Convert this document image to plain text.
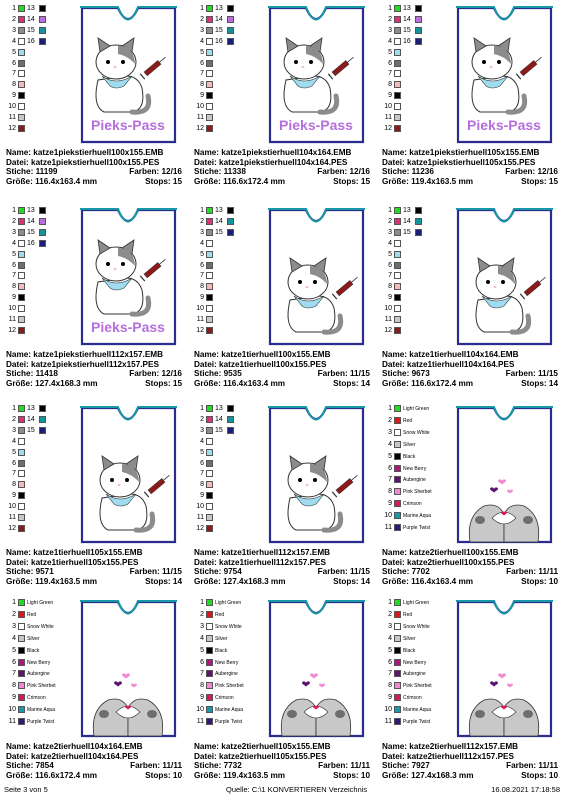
1 13
2 14
3 15
4 16
5
6
7
8
9
10
11
12	Pieks-Pass
Name: katze1piekstierhuell100x155.EMB
Datei: katze1piekstierhuell100x155.PES
Stiche: 11199	Farben: 12/16
Größe: 116.4x163.4 mm	Stops: 15
1 13
2 14
3 15
4 16
5
6
7
8
9
10
11
12	Pieks-Pass
Name: katze1piekstierhuell104x164.EMB
Datei: katze1piekstierhuell104x164.PES
Stiche: 11338	Farben: 12/16
Größe: 116.6x172.4 mm	Stops: 15
1 13
2 14
3 15
4 16
5
6
7
8
9
10
11
12	Pieks-Pass
Name: katze1piekstierhuell105x155.EMB
Datei: katze1piekstierhuell105x155.PES
Stiche: 11236	Farben: 12/16
Größe: 119.4x163.5 mm	Stops: 15
1 13
2 14
3 15
4 16
5
6
7
8
9
10
11
12	Pieks-Pass
Name: katze1piekstierhuell112x157.EMB
Datei: katze1piekstierhuell112x157.PES
Stiche: 11418	Farben: 12/16
Größe: 127.4x168.3 mm	Stops: 15
1 13
2 14
3 15
4
5
6
7
8
9
10
11
12
Name: katze1tierhuell100x155.EMB
Datei: katze1tierhuell100x155.PES
Stiche: 9535	Farben: 11/15
Größe: 116.4x163.4 mm	Stops: 14
1 13
2 14
3 15
4
5
6
7
8
9
10
11
12
Name: katze1tierhuell104x164.EMB
Datei: katze1tierhuell104x164.PES
Stiche: 9673	Farben: 11/15
Größe: 116.6x172.4 mm	Stops: 14
1 13
2 14
3 15
4
5
6
7
8
9
10
11
12
Name: katze1tierhuell105x155.EMB
Datei: katze1tierhuell105x155.PES
Stiche: 9571	Farben: 11/15
Größe: 119.4x163.5 mm	Stops: 14
1 13
2 14
3 15
4
5
6
7
8
9
10
11
12
Name: katze1tierhuell112x157.EMB
Datei: katze1tierhuell112x157.PES
Stiche: 9754	Farben: 11/15
Größe: 127.4x168.3 mm	Stops: 14
1 Light Green
2 Red
3 Snow White
4 Silver
5 Black
6 New Berry
7 Aubergine
8 Pink Sherbet
9 Crimson
10 Marine Aqua
11 Purple Twist
Name: katze2tierhuell100x155.EMB
Datei: katze2tierhuell100x155.PES
Stiche: 7702	Farben: 11/11
Größe: 116.4x163.4 mm	Stops: 10
1 Light Green
2 Red
3 Snow White
4 Silver
5 Black
6 New Berry
7 Aubergine
8 Pink Sherbet
9 Crimson
10 Marine Aqua
11 Purple Twist
Name: katze2tierhuell104x164.EMB
Datei: katze2tierhuell104x164.PES
Stiche: 7854	Farben: 11/11
Größe: 116.6x172.4 mm	Stops: 10
1 Light Green
2 Red
3 Snow White
4 Silver
5 Black
6 New Berry
7 Aubergine
8 Pink Sherbet
9 Crimson
10 Marine Aqua
11 Purple Twist
Name: katze2tierhuell105x155.EMB
Datei: katze2tierhuell105x155.PES
Stiche: 7732	Farben: 11/11
Größe: 119.4x163.5 mm	Stops: 10
1 Light Green
2 Red
3 Snow White
4 Silver
5 Black
6 New Berry
7 Aubergine
8 Pink Sherbet
9 Crimson
10 Marine Aqua
11 Purple Twist
Name: katze2tierhuell112x157.EMB
Datei: katze2tierhuell112x157.PES
Stiche: 7927	Farben: 11/11
Größe: 127.4x168.3 mm	Stops: 10
Seite 3 von 5	Quelle: C:\1 KONVERTIEREN Verzeichnis	16.08.2021 17:18:58
